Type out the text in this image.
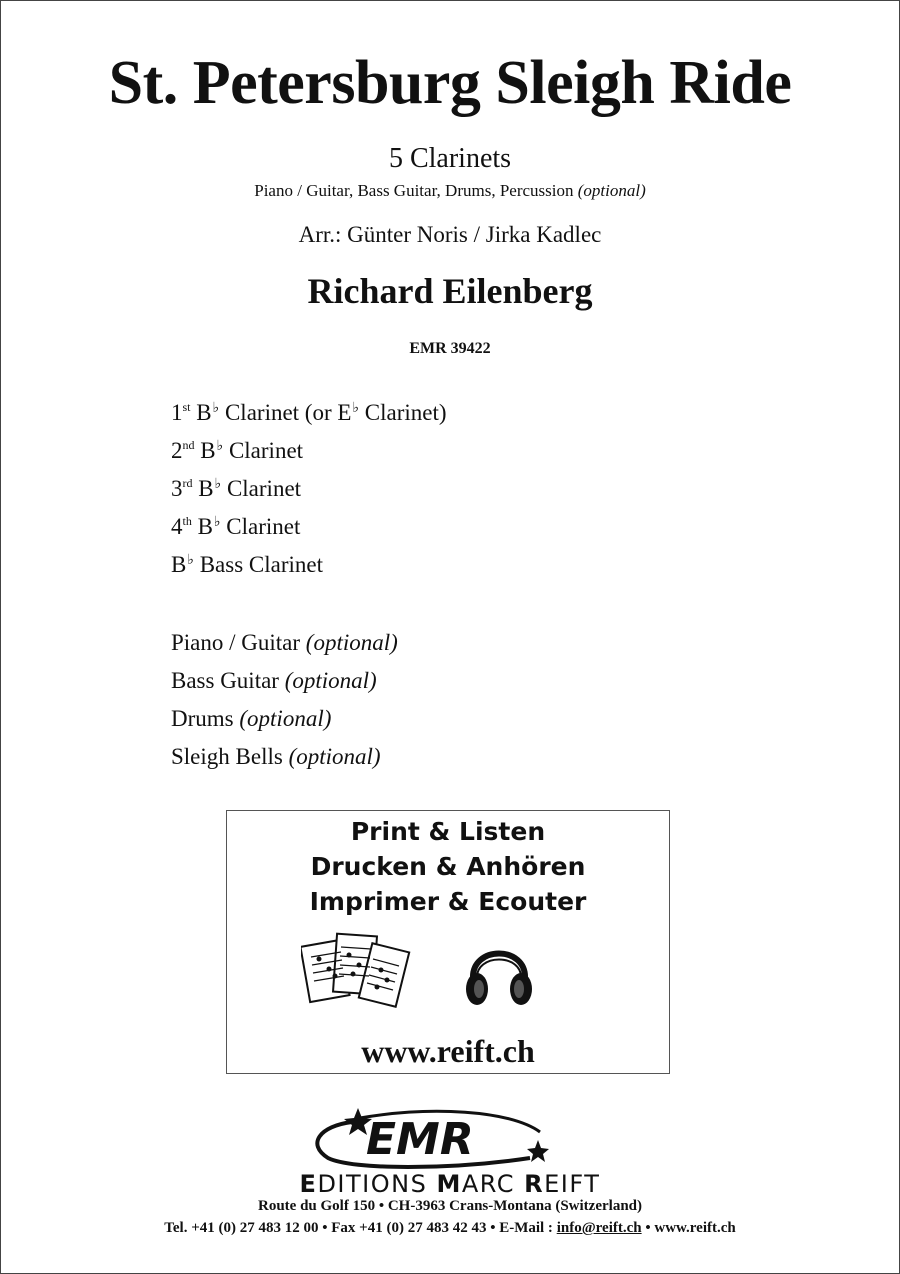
St. Petersburg Sleigh Ride
5 Clarinets
Piano / Guitar, Bass Guitar, Drums, Percussion (optional)
Arr.: Günter Noris / Jirka Kadlec
Richard Eilenberg
EMR 39422
1st B♭ Clarinet (or E♭ Clarinet)
2nd B♭ Clarinet
3rd B♭ Clarinet
4th B♭ Clarinet
B♭ Bass Clarinet
Piano / Guitar (optional)
Bass Guitar (optional)
Drums (optional)
Sleigh Bells (optional)
Print & Listen
Drucken & Anhören
Imprimer & Ecouter
www.reift.ch
EMR
EDITIONS MARC REIFT
Route du Golf 150 • CH-3963 Crans-Montana (Switzerland)
Tel. +41 (0) 27 483 12 00 • Fax +41 (0) 27 483 42 43 • E-Mail : info@reift.ch • www.reift.ch
